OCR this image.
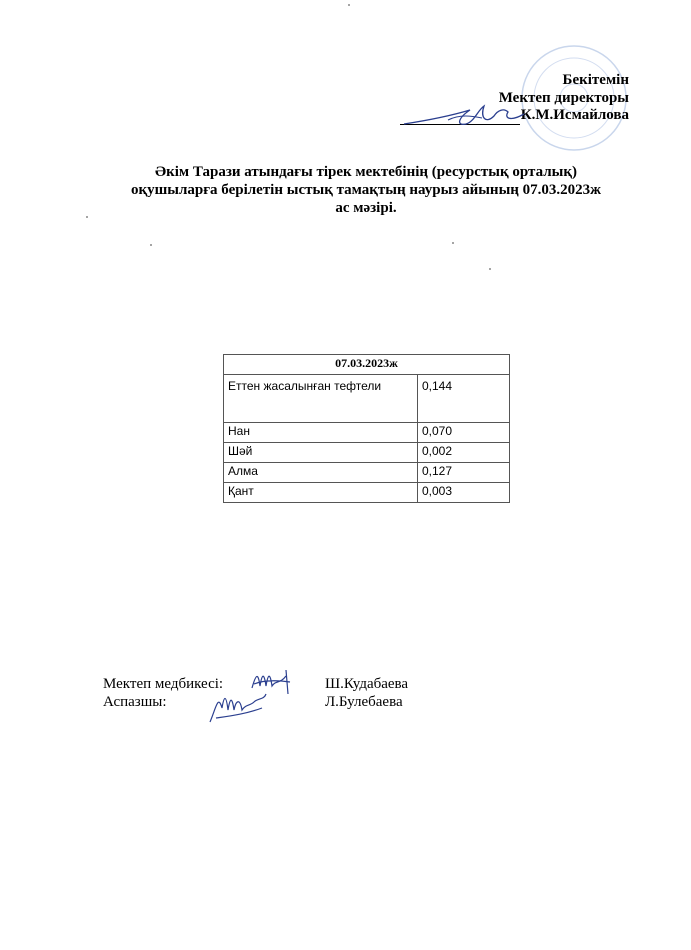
Бекітемін
Мектеп директоры
К.М.Исмайлова
Әкім Тарази атындағы тірек мектебінің (ресурстық орталық)
оқушыларға берілетін ыстық тамақтың наурыз айының 07.03.2023ж
ас мәзірі.
07.03.2023ж	
Еттен жасалынған тефтели	0,144
Нан	0,070
Шәй	0,002
Алма	0,127
Қант	0,003
Мектеп медбикесі:	Ш.Кудабаева
Аспазшы:	Л.Булебаева
